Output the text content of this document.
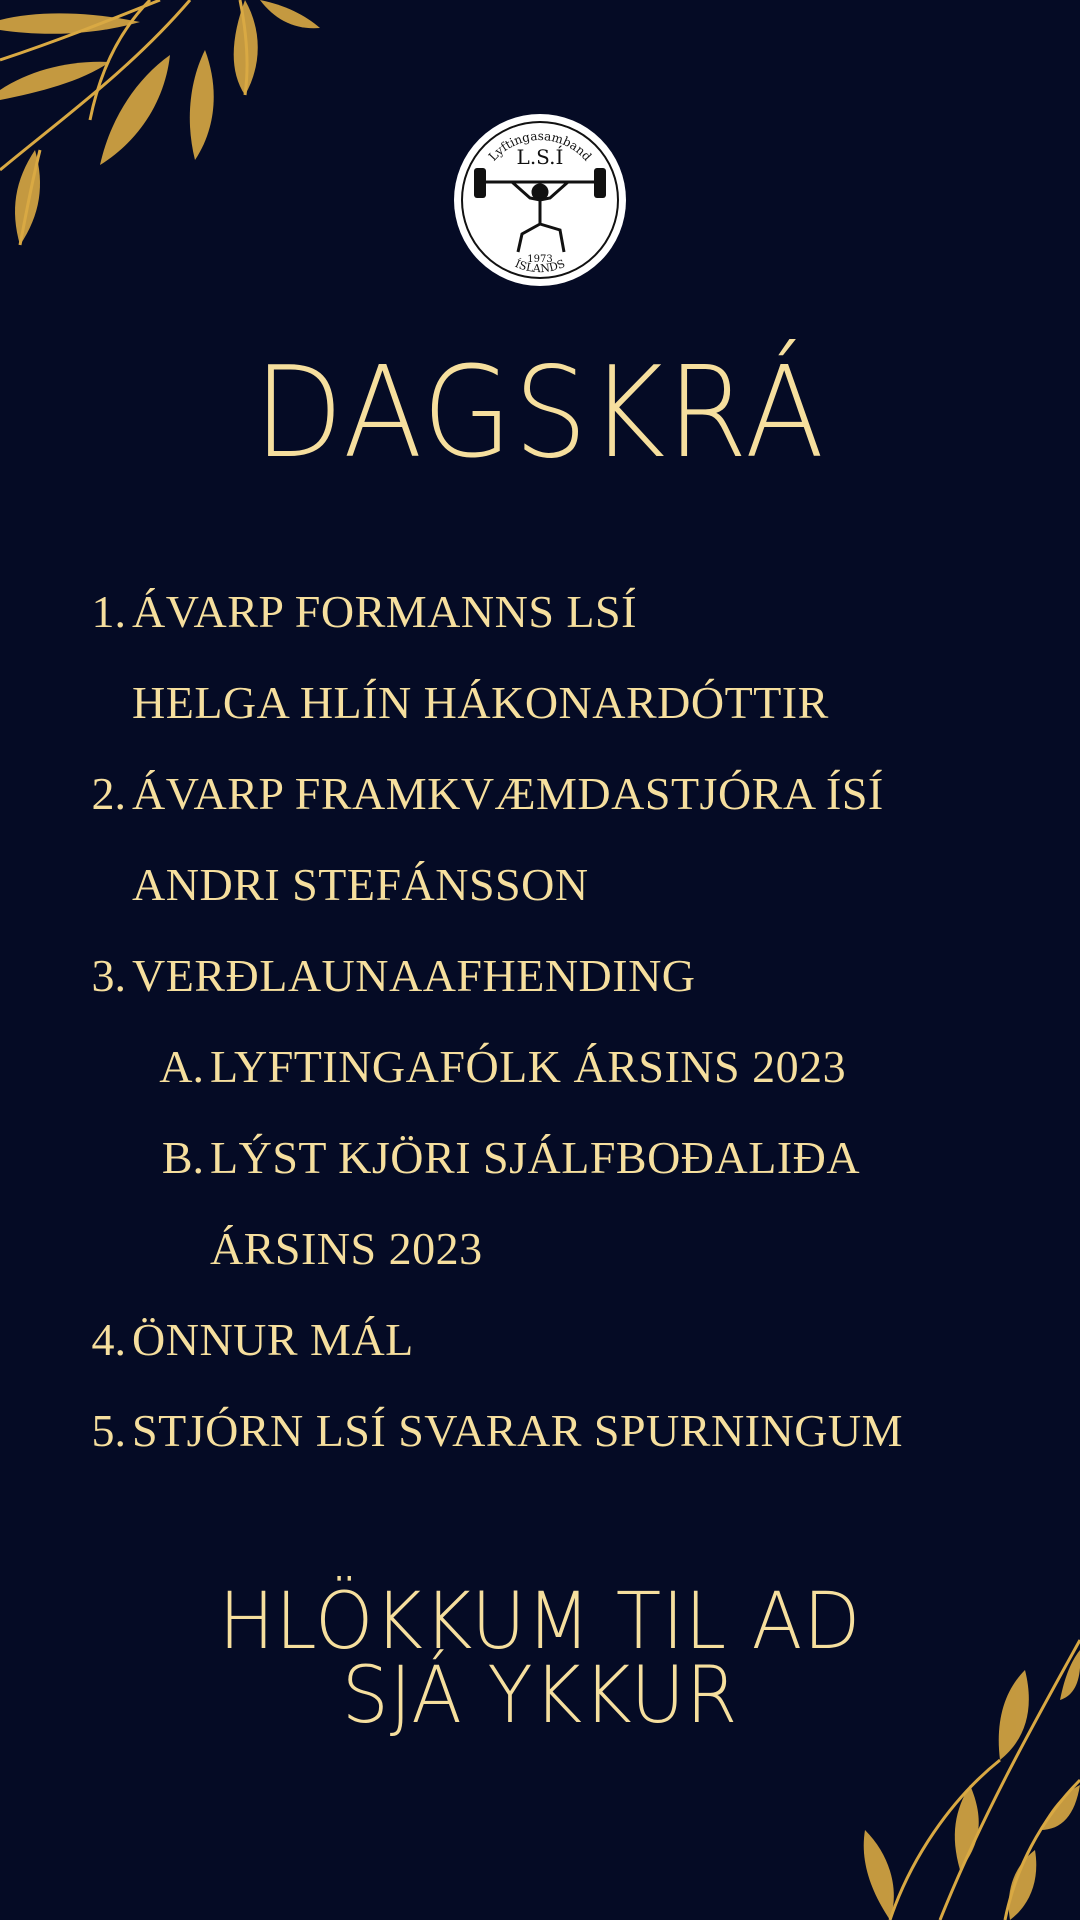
Lyftingasamband
L.S.Í
1973
ÍSLANDS
DAGSKRÁ
1. ÁVARP FORMANNS LSÍ
HELGA HLÍN HÁKONARDÓTTIR
2. ÁVARP FRAMKVÆMDASTJÓRA ÍSÍ
ANDRI STEFÁNSSON
3. VERÐLAUNAAFHENDING
A. LYFTINGAFÓLK ÁRSINS 2023
B. LÝST KJÖRI SJÁLFBOÐALIÐA
ÁRSINS 2023
4. ÖNNUR MÁL
5. STJÓRN LSÍ SVARAR SPURNINGUM
HLÖKKUM TIL AD
SJÁ YKKUR
